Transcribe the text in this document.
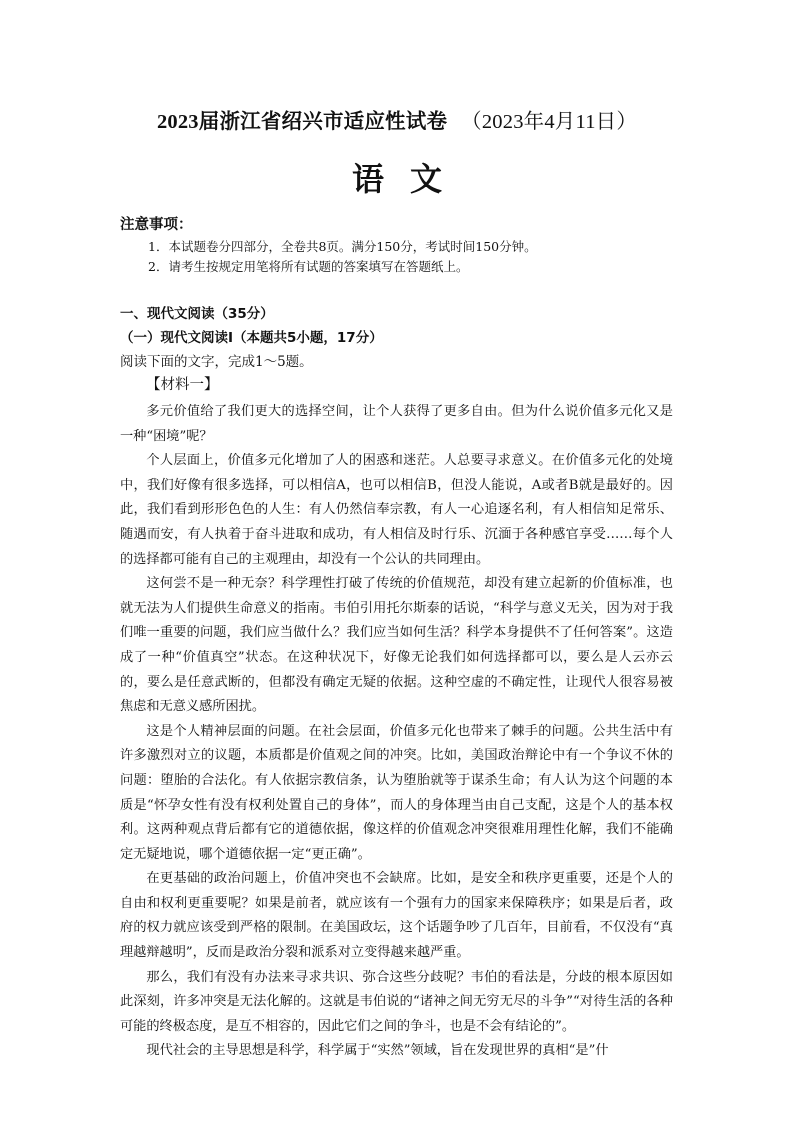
2023届浙江省绍兴市适应性试卷 （2023年4月11日）
语文
注意事项：
1．本试题卷分四部分，全卷共8页。满分150分，考试时间150分钟。
2．请考生按规定用笔将所有试题的答案填写在答题纸上。
一、现代文阅读（35分）
（一）现代文阅读Ⅰ（本题共5小题，17分）
阅读下面的文字，完成1～5题。
【材料一】

多元价值给了我们更大的选择空间，让个人获得了更多自由。但为什么说价值多元化又是一种“困境”呢？

个人层面上，价值多元化增加了人的困惑和迷茫。人总要寻求意义。在价值多元化的处境中，我们好像有很多选择，可以相信A，也可以相信B，但没人能说，A或者B就是最好的。因此，我们看到形形色色的人生：有人仍然信奉宗教，有人一心追逐名利，有人相信知足常乐、随遇而安，有人执着于奋斗进取和成功，有人相信及时行乐、沉湎于各种感官享受……每个人的选择都可能有自己的主观理由，却没有一个公认的共同理由。

这何尝不是一种无奈？科学理性打破了传统的价值规范，却没有建立起新的价值标准，也就无法为人们提供生命意义的指南。韦伯引用托尔斯泰的话说，“科学与意义无关，因为对于我们唯一重要的问题，我们应当做什么？我们应当如何生活？科学本身提供不了任何答案”。这造成了一种“价值真空”状态。在这种状况下，好像无论我们如何选择都可以，要么是人云亦云的，要么是任意武断的，但都没有确定无疑的依据。这种空虚的不确定性，让现代人很容易被焦虑和无意义感所困扰。

这是个人精神层面的问题。在社会层面，价值多元化也带来了棘手的问题。公共生活中有许多激烈对立的议题，本质都是价值观之间的冲突。比如，美国政治辩论中有一个争议不休的问题：堕胎的合法化。有人依据宗教信条，认为堕胎就等于谋杀生命；有人认为这个问题的本质是“怀孕女性有没有权利处置自己的身体”，而人的身体理当由自己支配，这是个人的基本权利。这两种观点背后都有它的道德依据，像这样的价值观念冲突很难用理性化解，我们不能确定无疑地说，哪个道德依据一定“更正确”。

在更基础的政治问题上，价值冲突也不会缺席。比如，是安全和秩序更重要，还是个人的自由和权利更重要呢？如果是前者，就应该有一个强有力的国家来保障秩序；如果是后者，政府的权力就应该受到严格的限制。在美国政坛，这个话题争吵了几百年，目前看，不仅没有“真理越辩越明”，反而是政治分裂和派系对立变得越来越严重。

那么，我们有没有办法来寻求共识、弥合这些分歧呢？韦伯的看法是，分歧的根本原因如此深刻，许多冲突是无法化解的。这就是韦伯说的“诸神之间无穷无尽的斗争”“对待生活的各种可能的终极态度，是互不相容的，因此它们之间的争斗，也是不会有结论的”。

现代社会的主导思想是科学，科学属于“实然”领域，旨在发现世界的真相“是”什
